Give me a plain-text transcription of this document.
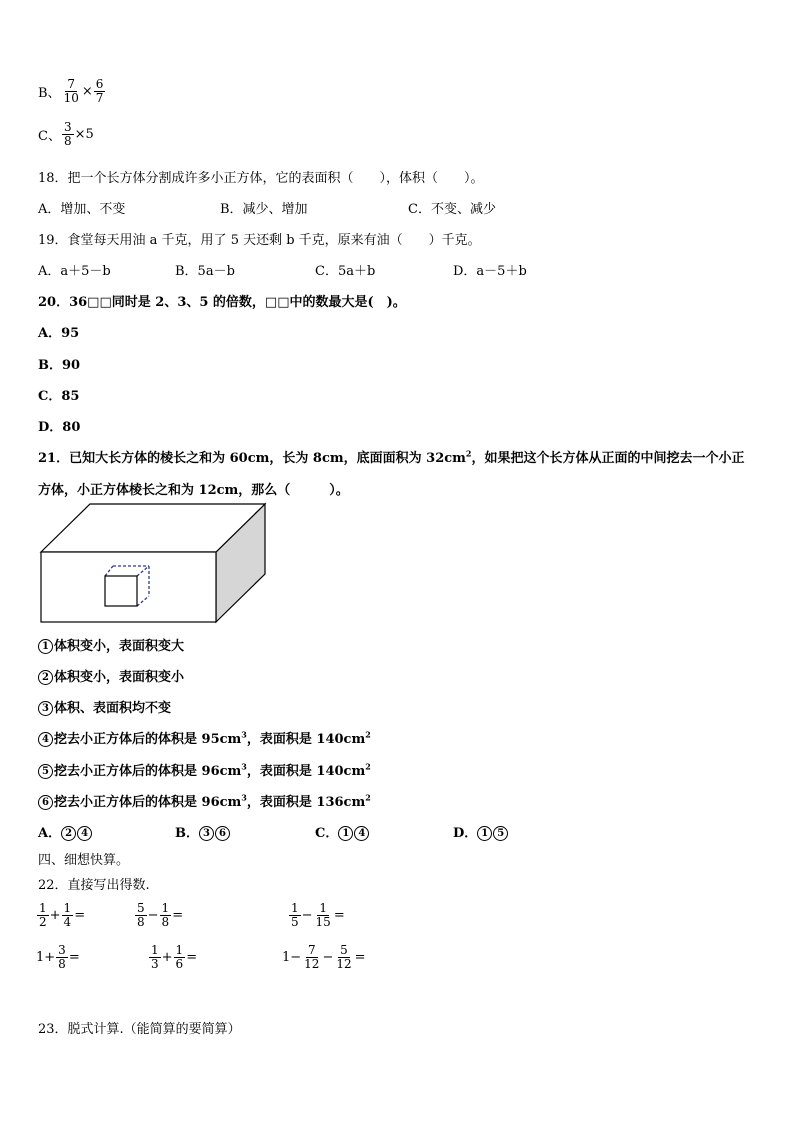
B、 $\frac{7}{10} \times \frac{6}{7}$
C、 $\frac{3}{8} \times 5$
18．把一个长方体分割成许多小正方体，它的表面积（　　），体积（　　）。
A．增加、不变	B．减少、增加	C．不变、减少
19．食堂每天用油 a 千克，用了 5 天还剩 b 千克，原来有油（　　）千克。
A．a＋5－b	B．5a－b	C．5a＋b	D．a－5＋b
20．36□□同时是 2、3、5 的倍数，□□中的数最大是(　)。
A．95
B．90
C．85
D．80
21．已知大长方体的棱长之和为 60cm，长为 8cm，底面面积为 $32cm^2$，如果把这个长方体从正面的中间挖去一个小正
方体，小正方体棱长之和为 12cm，那么（　　　）。
1 体积变小，表面积变大
2 体积变小，表面积变小
3 体积、表面积均不变
4 挖去小正方体后的体积是 $95cm^3$，表面积是 $140cm^2$
5 挖去小正方体后的体积是 $96cm^3$，表面积是 $140cm^2$
6 挖去小正方体后的体积是 $96cm^3$，表面积是 $136cm^2$
A． 2 4	B． 3 6	C． 1 4	D． 1 5
四、细想快算。
22．直接写出得数.
$\frac{1}{2} + \frac{1}{4}$ =	$\frac{5}{8} - \frac{1}{8}$ =	$\frac{1}{5} - \frac{1}{15}$ =
$1+ \frac{3}{8}$ =	$\frac{1}{3} + \frac{1}{6}$ =	$1- \frac{7}{12} - \frac{5}{12}$ =
23．脱式计算.（能简算的要简算）
